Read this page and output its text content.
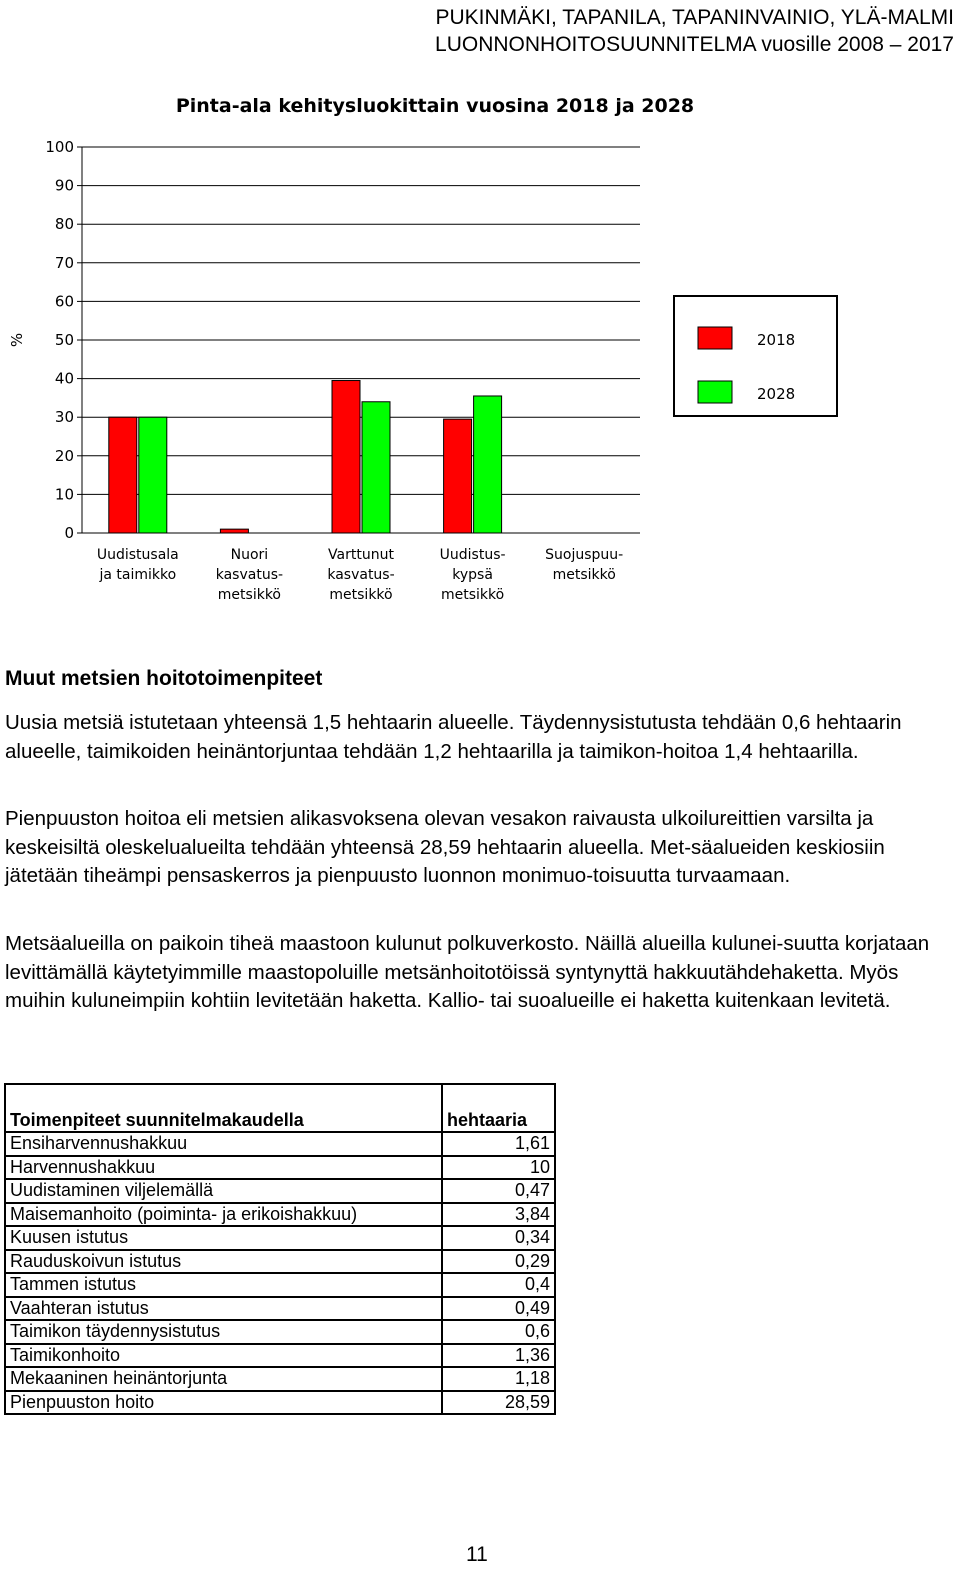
PUKINMÄKI, TAPANILA, TAPANINVAINIO, YLÄ-MALMI
LUONNONHOITOSUUNNITELMA vuosille 2008 – 2017
Pinta-ala kehitysluokittain vuosina 2018 ja 2028
0
10
20
30
40
50
60
70
80
90
100
%
Uudistusala ja taimikko
Nuori kasvatus-metsikkö
Varttunut kasvatus-metsikkö
Uudistus-kypsä metsikkö
Suojuspuu-metsikkö
2018
2028
Muut metsien hoitotoimenpiteet

Uusia metsiä istutetaan yhteensä 1,5 hehtaarin alueelle. Täydennysistutusta tehdään 0,6 hehtaarin alueelle, taimikoiden heinäntorjuntaa tehdään 1,2 hehtaarilla ja taimikon-hoitoa 1,4 hehtaarilla.

Pienpuuston hoitoa eli metsien alikasvoksena olevan vesakon raivausta ulkoilureittien varsilta ja keskeisiltä oleskelualueilta tehdään yhteensä 28,59 hehtaarin alueella. Met-säalueiden keskiosiin jätetään tiheämpi pensaskerros ja pienpuusto luonnon monimuo-toisuutta turvaamaan.

Metsäalueilla on paikoin tiheä maastoon kulunut polkuverkosto. Näillä alueilla kulunei-suutta korjataan levittämällä käytetyimmille maastopoluille metsänhoitotöissä syntynyttä hakkuutähdehaketta. Myös muihin kuluneimpiin kohtiin levitetään haketta. Kallio- tai suoalueille ei haketta kuitenkaan levitetä.

Toimenpiteet suunnitelmakaudella	hehtaaria
Ensiharvennushakkuu	1,61
Harvennushakkuu	10
Uudistaminen viljelemällä	0,47
Maisemanhoito (poiminta- ja erikoishakkuu)	3,84
Kuusen istutus	0,34
Rauduskoivun istutus	0,29
Tammen istutus	0,4
Vaahteran istutus	0,49
Taimikon täydennysistutus	0,6
Taimikonhoito	1,36
Mekaaninen heinäntorjunta	1,18
Pienpuuston hoito	28,59
11
